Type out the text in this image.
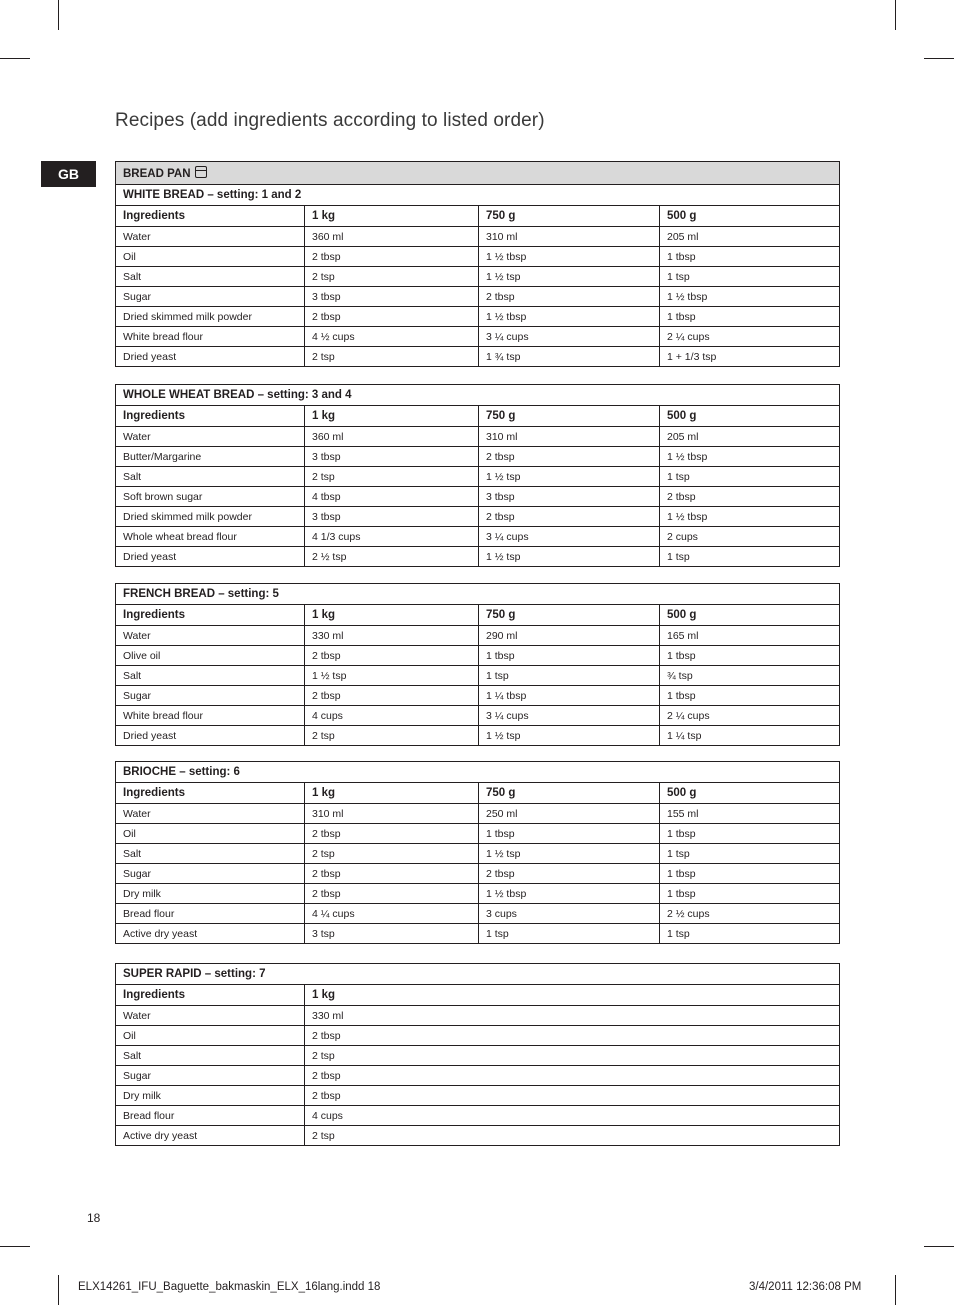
Recipes (add ingredients according to listed order)
GB	BREAD PAN			
WHITE BREAD – setting: 1 and 2			
Ingredients	1 kg	750 g	500 g
Water	360 ml	310 ml	205 ml
Oil	2 tbsp	1 ½ tbsp	1 tbsp
Salt	2 tsp	1 ½ tsp	1 tsp
Sugar	3 tbsp	2 tbsp	1 ½ tbsp
Dried skimmed milk powder	2 tbsp	1 ½ tbsp	1 tbsp
White bread flour	4 ½ cups	3 ¼ cups	2 ¼ cups
Dried yeast	2 tsp	1 ¾ tsp	1 + 1/3 tsp
WHOLE WHEAT BREAD – setting: 3 and 4			
Ingredients	1 kg	750 g	500 g
Water	360 ml	310 ml	205 ml
Butter/Margarine	3 tbsp	2 tbsp	1 ½ tbsp
Salt	2 tsp	1 ½ tsp	1 tsp
Soft brown sugar	4 tbsp	3 tbsp	2 tbsp
Dried skimmed milk powder	3 tbsp	2 tbsp	1 ½ tbsp
Whole wheat bread flour	4 1/3 cups	3 ¼ cups	2 cups
Dried yeast	2 ½ tsp	1 ½ tsp	1 tsp
FRENCH BREAD – setting: 5			
Ingredients	1 kg	750 g	500 g
Water	330 ml	290 ml	165 ml
Olive oil	2 tbsp	1 tbsp	1 tbsp
Salt	1 ½ tsp	1 tsp	¾ tsp
Sugar	2 tbsp	1 ¼ tbsp	1 tbsp
White bread flour	4 cups	3 ¼ cups	2 ¼ cups
Dried yeast	2 tsp	1 ½ tsp	1 ¼ tsp
BRIOCHE – setting: 6			
Ingredients	1 kg	750 g	500 g
Water	310 ml	250 ml	155 ml
Oil	2 tbsp	1 tbsp	1 tbsp
Salt	2 tsp	1 ½ tsp	1 tsp
Sugar	2 tbsp	2 tbsp	1 tbsp
Dry milk	2 tbsp	1 ½ tbsp	1 tbsp
Bread flour	4 ¼ cups	3 cups	2 ½ cups
Active dry yeast	3 tsp	1 tsp	1 tsp
SUPER RAPID – setting: 7	
Ingredients	1 kg
Water	330 ml
Oil	2 tbsp
Salt	2 tsp
Sugar	2 tbsp
Dry milk	2 tbsp
Bread flour	4 cups
Active dry yeast	2 tsp
18
ELX14261_IFU_Baguette_bakmaskin_ELX_16lang.indd 18	3/4/2011 12:36:08 PM
